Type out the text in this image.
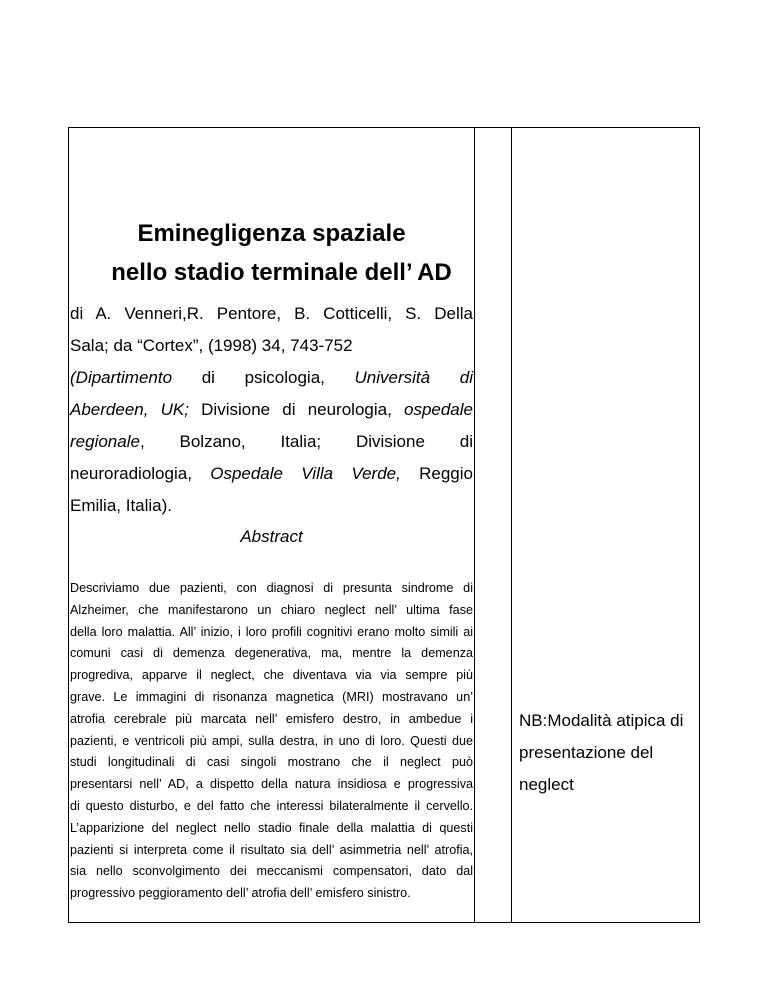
Eminegligenza spaziale
nello stadio terminale dell’ AD
di A. Venneri,R. Pentore, B. Cotticelli, S. Della
Sala; da “Cortex”, (1998) 34, 743-752
(Dipartimento di psicologia, Università di
Aberdeen, UK; Divisione di neurologia, ospedale
regionale, Bolzano, Italia; Divisione di
neuroradiologia, Ospedale Villa Verde, Reggio
Emilia, Italia).

Abstract

Descriviamo due pazienti, con diagnosi di presunta sindrome di
Alzheimer, che manifestarono un chiaro neglect nell’ ultima fase
della loro malattia. All’ inizio, i loro profili cognitivi erano molto simili ai
comuni casi di demenza degenerativa, ma, mentre la demenza
progrediva, apparve il neglect, che diventava via via sempre più
grave. Le immagini di risonanza magnetica (MRI) mostravano un’
atrofia cerebrale più marcata nell’ emisfero destro, in ambedue i
pazienti, e ventricoli più ampi, sulla destra, in uno di loro. Questi due
studi longitudinali di casi singoli mostrano che il neglect può
presentarsi nell’ AD, a dispetto della natura insidiosa e progressiva
di questo disturbo, e del fatto che interessi bilateralmente il cervello.
L’apparizione del neglect nello stadio finale della malattia di questi
pazienti si interpreta come il risultato sia dell’ asimmetria nell’ atrofia,
sia nello sconvolgimento dei meccanismi compensatori, dato dal
progressivo peggioramento dell’ atrofia dell’ emisfero sinistro.
NB:Modalità atipica di
presentazione del
neglect
